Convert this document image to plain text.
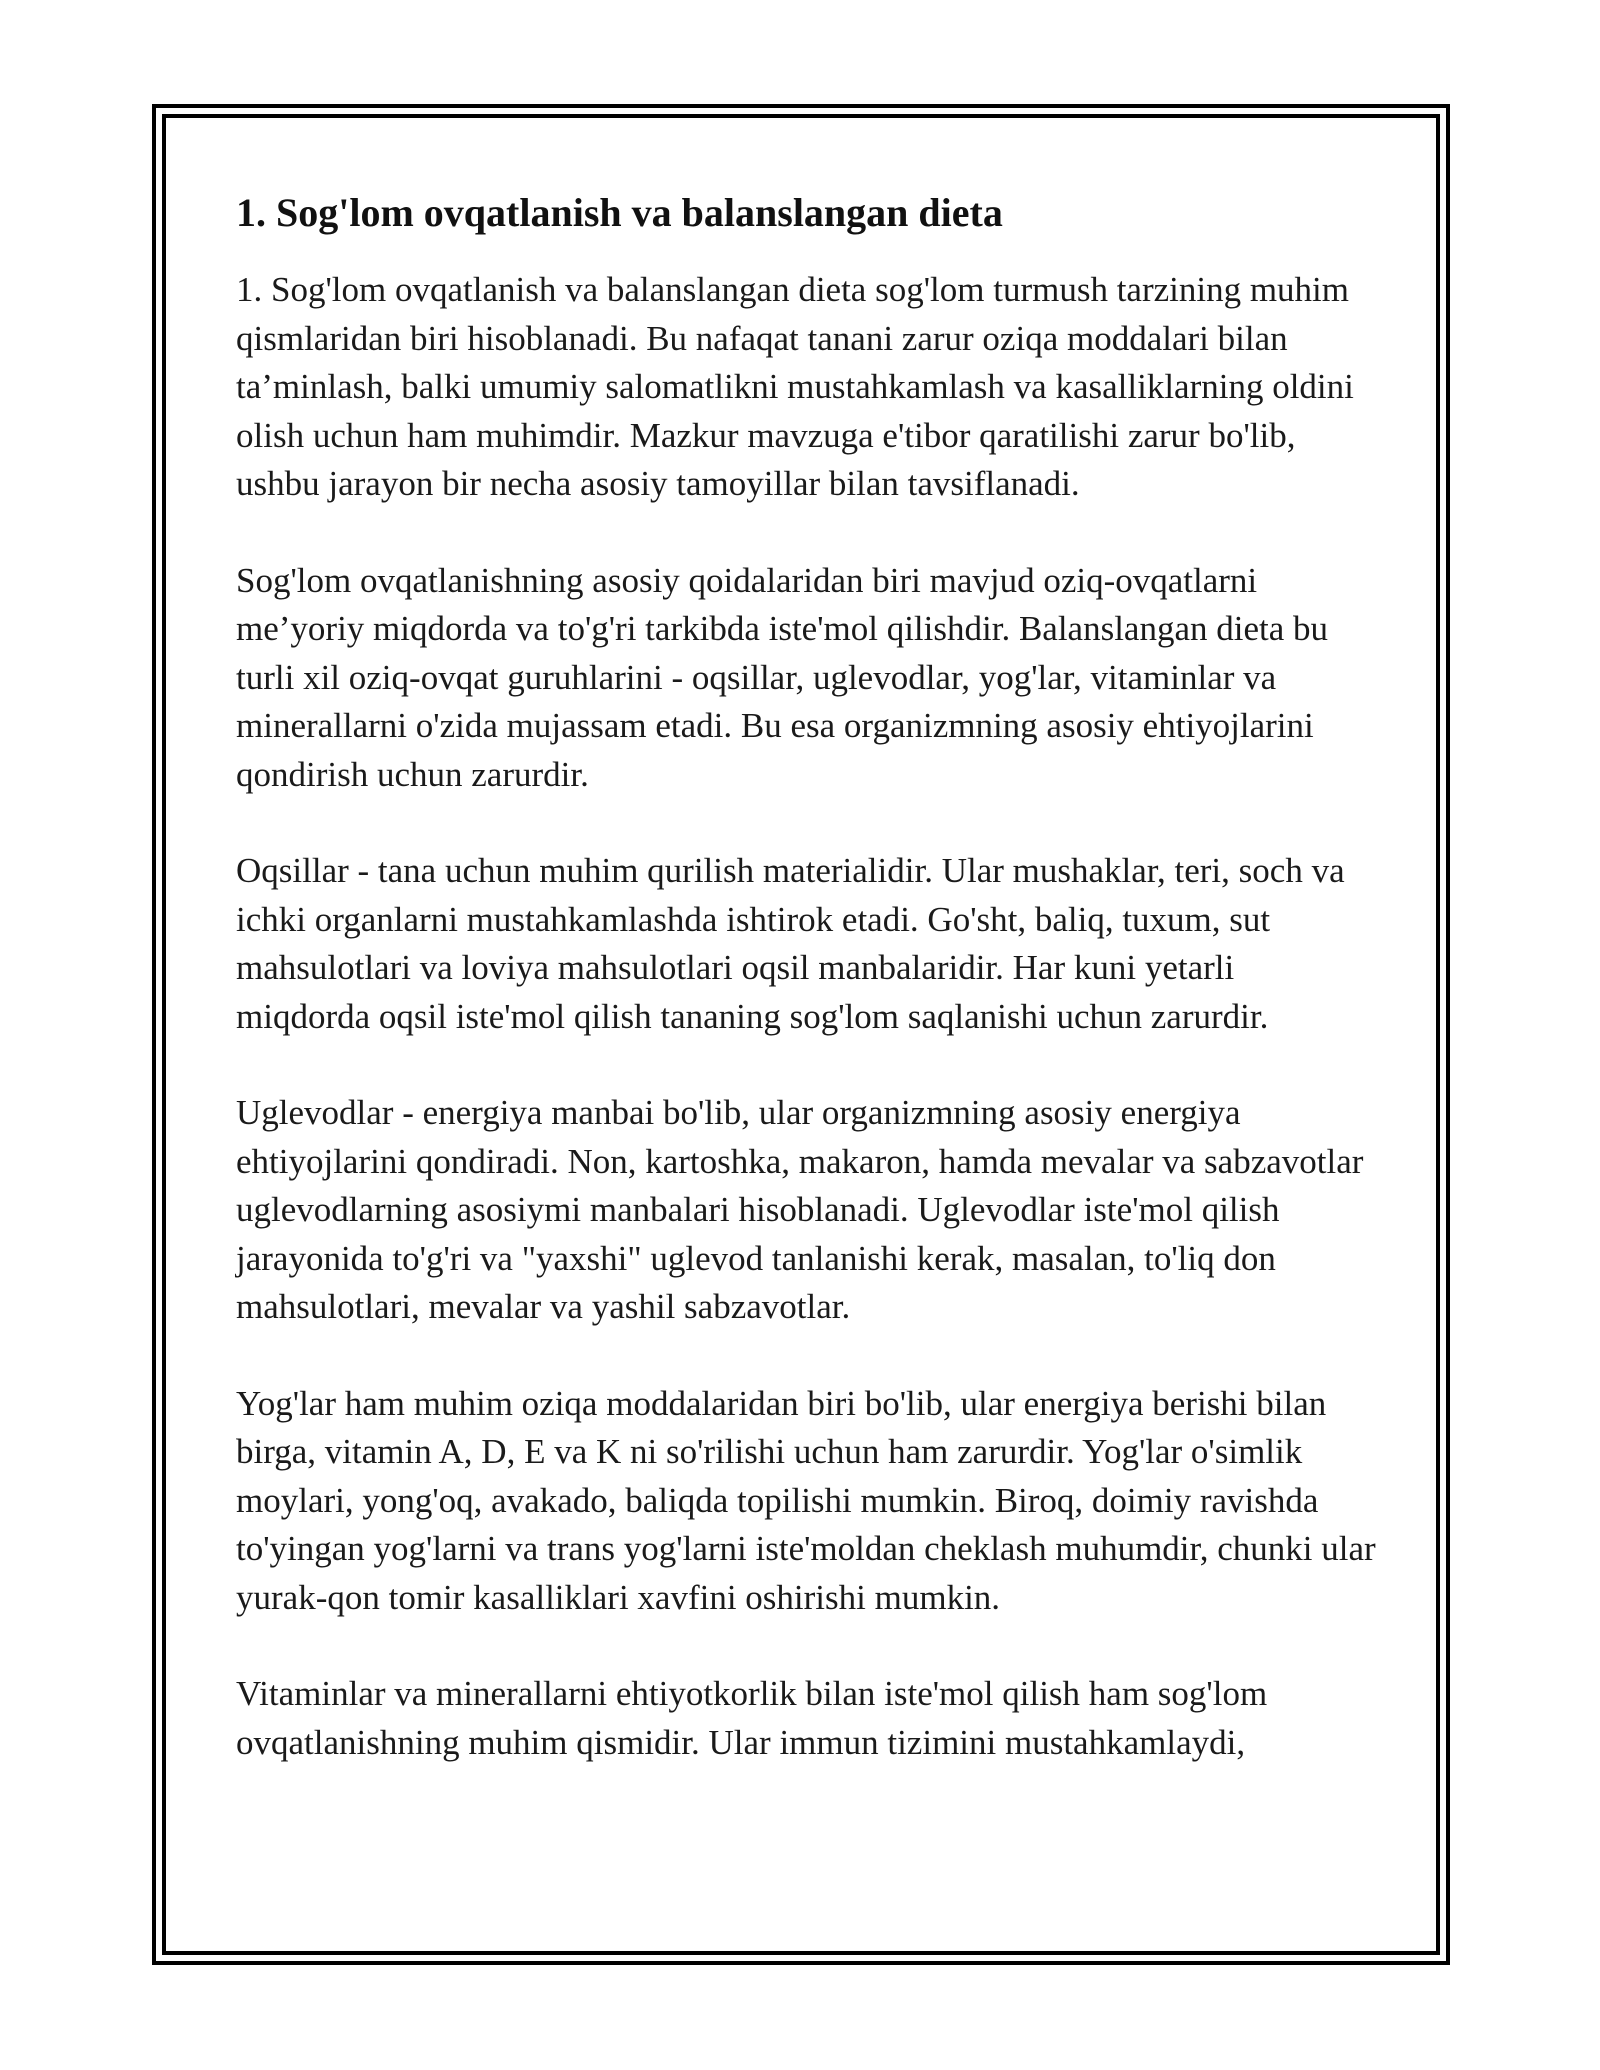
1. Sog'lom ovqatlanish va balanslangan dieta

1. Sog'lom ovqatlanish va balanslangan dieta sog'lom turmush tarzining muhim qismlaridan biri hisoblanadi. Bu nafaqat tanani zarur oziqa moddalari bilan ta’minlash, balki umumiy salomatlikni mustahkamlash va kasalliklarning oldini olish uchun ham muhimdir. Mazkur mavzuga e'tibor qaratilishi zarur bo'lib, ushbu jarayon bir necha asosiy tamoyillar bilan tavsiflanadi.

Sog'lom ovqatlanishning asosiy qoidalaridan biri mavjud oziq-ovqatlarni me’yoriy miqdorda va to'g'ri tarkibda iste'mol qilishdir. Balanslangan dieta bu turli xil oziq-ovqat guruhlarini - oqsillar, uglevodlar, yog'lar, vitaminlar va minerallarni o'zida mujassam etadi. Bu esa organizmning asosiy ehtiyojlarini qondirish uchun zarurdir.

Oqsillar - tana uchun muhim qurilish materialidir. Ular mushaklar, teri, soch va ichki organlarni mustahkamlashda ishtirok etadi. Go'sht, baliq, tuxum, sut mahsulotlari va loviya mahsulotlari oqsil manbalaridir. Har kuni yetarli miqdorda oqsil iste'mol qilish tananing sog'lom saqlanishi uchun zarurdir.

Uglevodlar - energiya manbai bo'lib, ular organizmning asosiy energiya ehtiyojlarini qondiradi. Non, kartoshka, makaron, hamda mevalar va sabzavotlar uglevodlarning asosiymi manbalari hisoblanadi. Uglevodlar iste'mol qilish jarayonida to'g'ri va "yaxshi" uglevod tanlanishi kerak, masalan, to'liq don mahsulotlari, mevalar va yashil sabzavotlar.

Yog'lar ham muhim oziqa moddalaridan biri bo'lib, ular energiya berishi bilan birga, vitamin A, D, E va K ni so'rilishi uchun ham zarurdir. Yog'lar o'simlik moylari, yong'oq, avakado, baliqda topilishi mumkin. Biroq, doimiy ravishda to'yingan yog'larni va trans yog'larni iste'moldan cheklash muhumdir, chunki ular yurak-qon tomir kasalliklari xavfini oshirishi mumkin.

Vitaminlar va minerallarni ehtiyotkorlik bilan iste'mol qilish ham sog'lom ovqatlanishning muhim qismidir. Ular immun tizimini mustahkamlaydi,
